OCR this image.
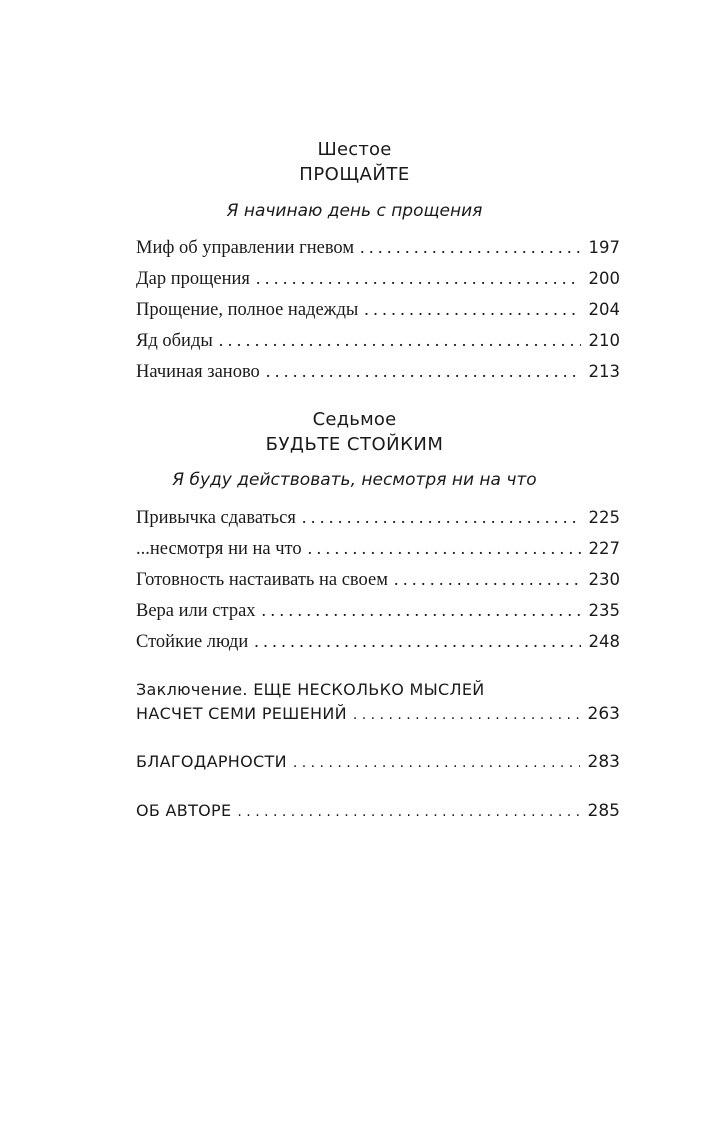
Шестое
ПРОЩАЙТЕ
Я начинаю день с прощения
Миф об управлении гневом . . .	197
Дар прощения . . .	200
Прощение, полное надежды . . .	204
Яд обиды . . .	210
Начиная заново . . .	213
Седьмое
БУДЬТЕ СТОЙКИМ
Я буду действовать, несмотря ни на что
Привычка сдаваться . . .	225
...несмотря ни на что . . .	227
Готовность настаивать на своем . . .	230
Вера или страх . . .	235
Стойкие люди . . .	248
Заключение. ЕЩЕ НЕСКОЛЬКО МЫСЛЕЙ
НАСЧЕТ СЕМИ РЕШЕНИЙ . . .	263
БЛАГОДАРНОСТИ . . .	283
ОБ АВТОРЕ . . .	285
